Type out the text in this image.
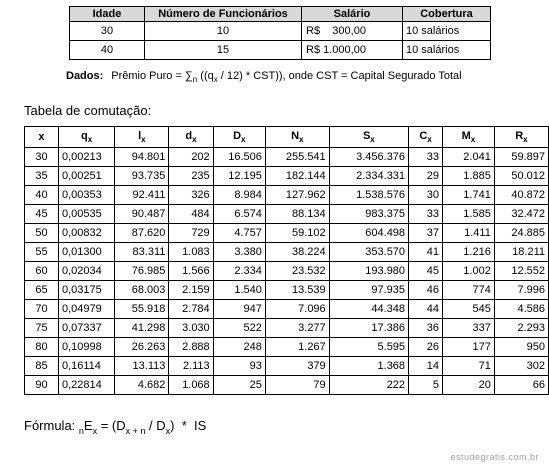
Idade	Número de Funcionários	Salário	Cobertura
30	10	R$    300,00	10 salários
40	15	R$ 1.000,00	10 salários
Dados: Prêmio Puro = $\sum_n$ $((q_x / 12) * CST)$), onde CST = Capital Segurado Total
Tabela de comutação:
x	$q_x$	$l_x$	$d_x$	$D_x$	$N_x$	$S_x$	$C_x$	$M_x$	$R_x$
30	0,00213	94.801	202	16.506	255.541	3.456.376	33	2.041	59.897
35	0,00251	93.735	235	12.195	182.144	2.334.331	29	1.885	50.012
40	0,00353	92.411	326	8.984	127.962	1.538.576	30	1.741	40.872
45	0,00535	90.487	484	6.574	88.134	983.375	33	1.585	32.472
50	0,00832	87.620	729	4.757	59.102	604.498	37	1.411	24.885
55	0,01300	83.311	1.083	3.380	38.224	353.570	41	1.216	18.211
60	0,02034	76.985	1.566	2.334	23.532	193.980	45	1.002	12.552
65	0,03175	68.003	2.159	1.540	13.539	97.935	46	774	7.996
70	0,04979	55.918	2.784	947	7.096	44.348	44	545	4.586
75	0,07337	41.298	3.030	522	3.277	17.386	36	337	2.293
80	0,10998	26.263	2.888	248	1.267	5.595	26	177	950
85	0,16114	13.113	2.113	93	379	1.368	14	71	302
90	0,22814	4.682	1.068	25	79	222	5	20	66
Fórmula: $_nE_x = (D_{x + n} / D_x)$  *  IS
estudegratis.com.br
